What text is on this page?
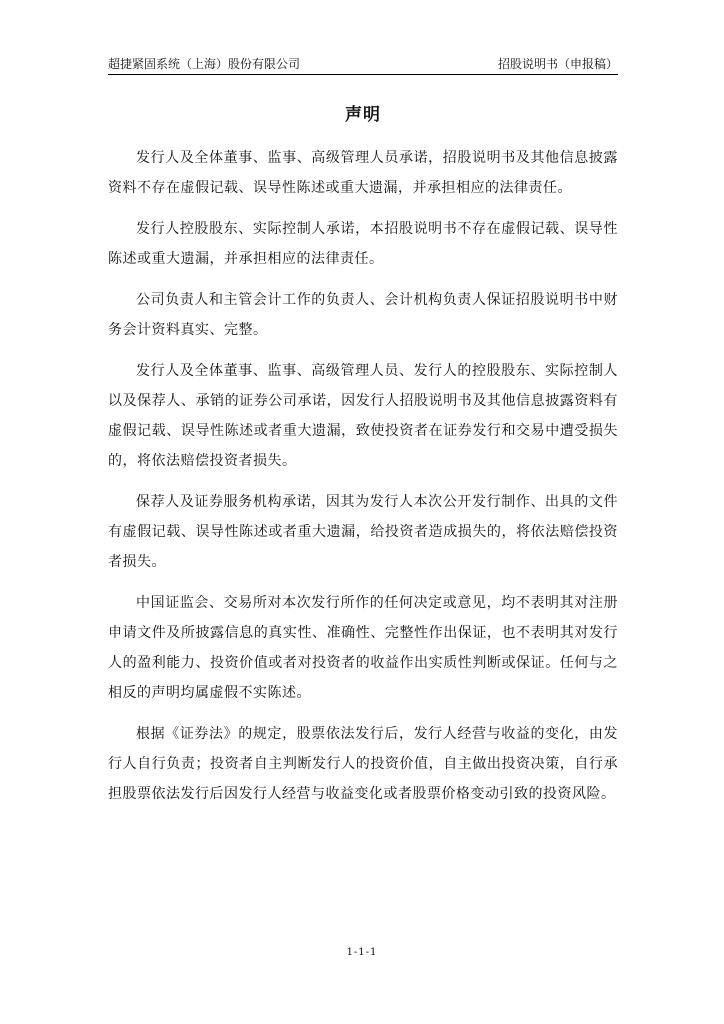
超捷紧固系统（上海）股份有限公司	招股说明书（申报稿）
声明

发行人及全体董事、监事、高级管理人员承诺，招股说明书及其他信息披露资料不存在虚假记载、误导性陈述或重大遗漏，并承担相应的法律责任。

发行人控股股东、实际控制人承诺，本招股说明书不存在虚假记载、误导性陈述或重大遗漏，并承担相应的法律责任。

公司负责人和主管会计工作的负责人、会计机构负责人保证招股说明书中财务会计资料真实、完整。

发行人及全体董事、监事、高级管理人员、发行人的控股股东、实际控制人以及保荐人、承销的证券公司承诺，因发行人招股说明书及其他信息披露资料有虚假记载、误导性陈述或者重大遗漏，致使投资者在证券发行和交易中遭受损失的，将依法赔偿投资者损失。

保荐人及证券服务机构承诺，因其为发行人本次公开发行制作、出具的文件有虚假记载、误导性陈述或者重大遗漏，给投资者造成损失的，将依法赔偿投资者损失。

中国证监会、交易所对本次发行所作的任何决定或意见，均不表明其对注册申请文件及所披露信息的真实性、准确性、完整性作出保证，也不表明其对发行人的盈利能力、投资价值或者对投资者的收益作出实质性判断或保证。任何与之相反的声明均属虚假不实陈述。

根据《证券法》的规定，股票依法发行后，发行人经营与收益的变化，由发行人自行负责；投资者自主判断发行人的投资价值，自主做出投资决策，自行承担股票依法发行后因发行人经营与收益变化或者股票价格变动引致的投资风险。

1-1-1
